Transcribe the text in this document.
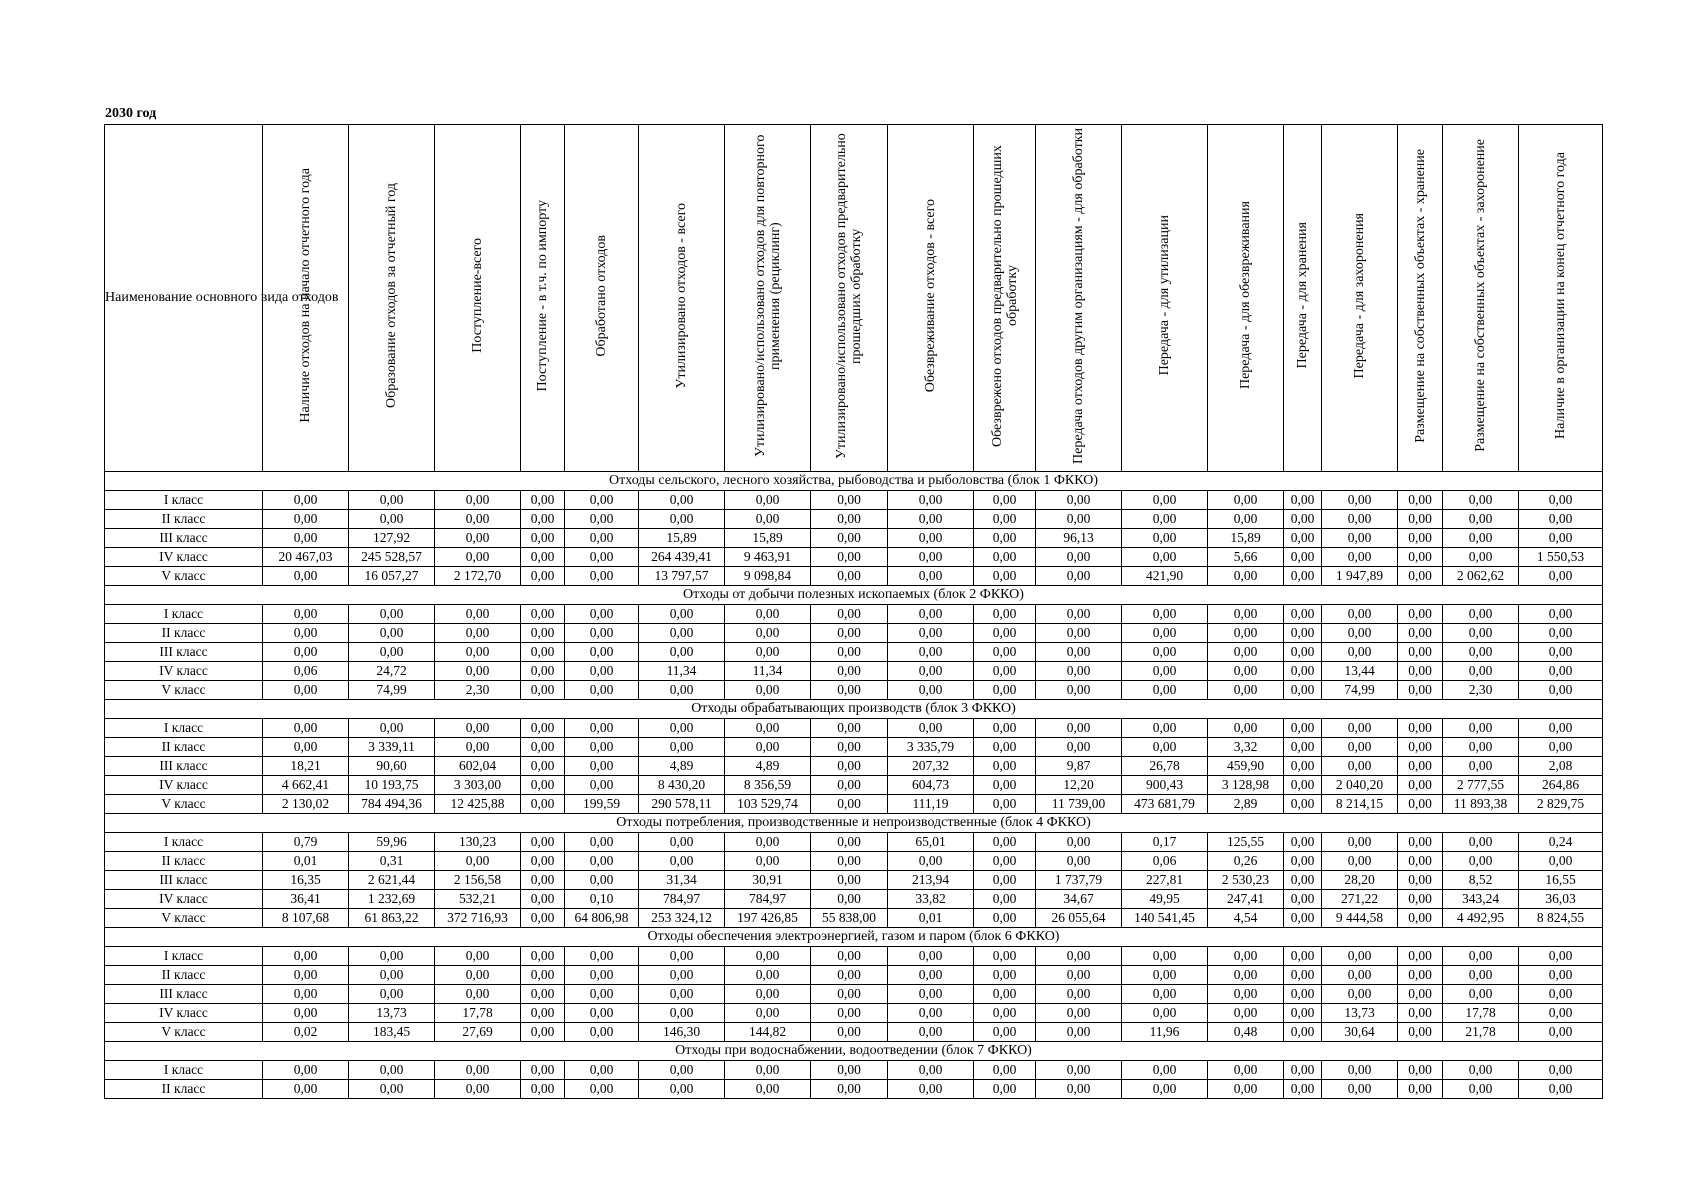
2030 год
Наименование основного вида отходов	Наличие отходов на начало отчетного года	Образование отходов за отчетный год	Поступление-всего	Поступление - в т.ч. по импорту	Обработано отходов	Утилизировано отходов - всего	Утилизировано/использовано отходов для повторного применения (рециклинг)	Утилизировано/использовано отходов предварительно прошедших обработку	Обезвреживание отходов - всего	Обезврежено отходов предварительно прошедших обработку	Передача отходов другим организациям - для обработки	Передача - для утилизации	Передача - для обезвреживания	Передача - для хранения	Передача - для захоронения	Размещение на собственных объектах - хранение	Размещение на собственных объектах - захоронение	Наличие в организации на конец отчетного года
Отходы сельского, лесного хозяйства, рыбоводства и рыболовства (блок 1 ФККО)																		
I класс	0,00	0,00	0,00	0,00	0,00	0,00	0,00	0,00	0,00	0,00	0,00	0,00	0,00	0,00	0,00	0,00	0,00	0,00
II класс	0,00	0,00	0,00	0,00	0,00	0,00	0,00	0,00	0,00	0,00	0,00	0,00	0,00	0,00	0,00	0,00	0,00	0,00
III класс	0,00	127,92	0,00	0,00	0,00	15,89	15,89	0,00	0,00	0,00	96,13	0,00	15,89	0,00	0,00	0,00	0,00	0,00
IV класс	20 467,03	245 528,57	0,00	0,00	0,00	264 439,41	9 463,91	0,00	0,00	0,00	0,00	0,00	5,66	0,00	0,00	0,00	0,00	1 550,53
V класс	0,00	16 057,27	2 172,70	0,00	0,00	13 797,57	9 098,84	0,00	0,00	0,00	0,00	421,90	0,00	0,00	1 947,89	0,00	2 062,62	0,00
Отходы от добычи полезных ископаемых (блок 2 ФККО)																		
I класс	0,00	0,00	0,00	0,00	0,00	0,00	0,00	0,00	0,00	0,00	0,00	0,00	0,00	0,00	0,00	0,00	0,00	0,00
II класс	0,00	0,00	0,00	0,00	0,00	0,00	0,00	0,00	0,00	0,00	0,00	0,00	0,00	0,00	0,00	0,00	0,00	0,00
III класс	0,00	0,00	0,00	0,00	0,00	0,00	0,00	0,00	0,00	0,00	0,00	0,00	0,00	0,00	0,00	0,00	0,00	0,00
IV класс	0,06	24,72	0,00	0,00	0,00	11,34	11,34	0,00	0,00	0,00	0,00	0,00	0,00	0,00	13,44	0,00	0,00	0,00
V класс	0,00	74,99	2,30	0,00	0,00	0,00	0,00	0,00	0,00	0,00	0,00	0,00	0,00	0,00	74,99	0,00	2,30	0,00
Отходы обрабатывающих производств (блок 3 ФККО)																		
I класс	0,00	0,00	0,00	0,00	0,00	0,00	0,00	0,00	0,00	0,00	0,00	0,00	0,00	0,00	0,00	0,00	0,00	0,00
II класс	0,00	3 339,11	0,00	0,00	0,00	0,00	0,00	0,00	3 335,79	0,00	0,00	0,00	3,32	0,00	0,00	0,00	0,00	0,00
III класс	18,21	90,60	602,04	0,00	0,00	4,89	4,89	0,00	207,32	0,00	9,87	26,78	459,90	0,00	0,00	0,00	0,00	2,08
IV класс	4 662,41	10 193,75	3 303,00	0,00	0,00	8 430,20	8 356,59	0,00	604,73	0,00	12,20	900,43	3 128,98	0,00	2 040,20	0,00	2 777,55	264,86
V класс	2 130,02	784 494,36	12 425,88	0,00	199,59	290 578,11	103 529,74	0,00	111,19	0,00	11 739,00	473 681,79	2,89	0,00	8 214,15	0,00	11 893,38	2 829,75
Отходы потребления, производственные и непроизводственные (блок 4 ФККО)																		
I класс	0,79	59,96	130,23	0,00	0,00	0,00	0,00	0,00	65,01	0,00	0,00	0,17	125,55	0,00	0,00	0,00	0,00	0,24
II класс	0,01	0,31	0,00	0,00	0,00	0,00	0,00	0,00	0,00	0,00	0,00	0,06	0,26	0,00	0,00	0,00	0,00	0,00
III класс	16,35	2 621,44	2 156,58	0,00	0,00	31,34	30,91	0,00	213,94	0,00	1 737,79	227,81	2 530,23	0,00	28,20	0,00	8,52	16,55
IV класс	36,41	1 232,69	532,21	0,00	0,10	784,97	784,97	0,00	33,82	0,00	34,67	49,95	247,41	0,00	271,22	0,00	343,24	36,03
V класс	8 107,68	61 863,22	372 716,93	0,00	64 806,98	253 324,12	197 426,85	55 838,00	0,01	0,00	26 055,64	140 541,45	4,54	0,00	9 444,58	0,00	4 492,95	8 824,55
Отходы обеспечения электроэнергией, газом и паром (блок 6 ФККО)																		
I класс	0,00	0,00	0,00	0,00	0,00	0,00	0,00	0,00	0,00	0,00	0,00	0,00	0,00	0,00	0,00	0,00	0,00	0,00
II класс	0,00	0,00	0,00	0,00	0,00	0,00	0,00	0,00	0,00	0,00	0,00	0,00	0,00	0,00	0,00	0,00	0,00	0,00
III класс	0,00	0,00	0,00	0,00	0,00	0,00	0,00	0,00	0,00	0,00	0,00	0,00	0,00	0,00	0,00	0,00	0,00	0,00
IV класс	0,00	13,73	17,78	0,00	0,00	0,00	0,00	0,00	0,00	0,00	0,00	0,00	0,00	0,00	13,73	0,00	17,78	0,00
V класс	0,02	183,45	27,69	0,00	0,00	146,30	144,82	0,00	0,00	0,00	0,00	11,96	0,48	0,00	30,64	0,00	21,78	0,00
Отходы при водоснабжении, водоотведении (блок 7 ФККО)																		
I класс	0,00	0,00	0,00	0,00	0,00	0,00	0,00	0,00	0,00	0,00	0,00	0,00	0,00	0,00	0,00	0,00	0,00	0,00
II класс	0,00	0,00	0,00	0,00	0,00	0,00	0,00	0,00	0,00	0,00	0,00	0,00	0,00	0,00	0,00	0,00	0,00	0,00
